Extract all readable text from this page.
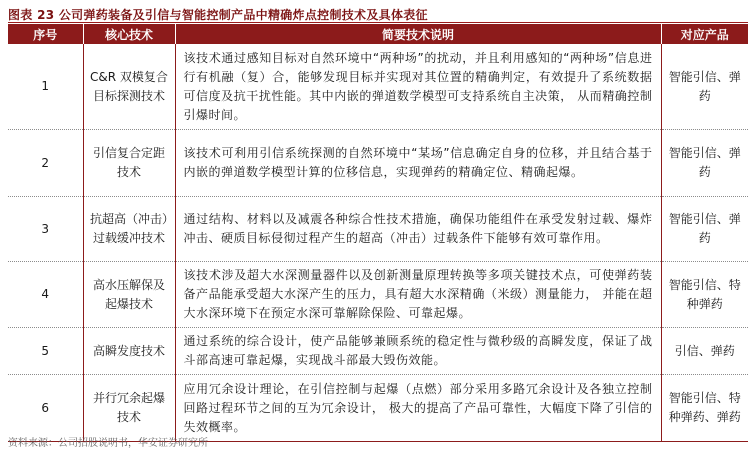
图表 23 公司弹药装备及引信与智能控制产品中精确炸点控制技术及具体表征
序号	核心技术	简要技术说明	对应产品
1	C&R 双模复合目标探测技术	该技术通过感知目标对自然环境中“两种场”的扰动，并且利用感知的“两种场”信息进行有机融（复）合，能够发现目标并实现对其位置的精确判定，有效提升了系统数据可信度及抗干扰性能。其中内嵌的弹道数学模型可支持系统自主决策， 从而精确控制引爆时间。	智能引信、弹药
2	引信复合定距技术	该技术可利用引信系统探测的自然环境中“某场”信息确定自身的位移，并且结合基于内嵌的弹道数学模型计算的位移信息，实现弹药的精确定位、精确起爆。	智能引信、弹药
3	抗超高（冲击）过载缓冲技术	通过结构、材料以及减震各种综合性技术措施，确保功能组件在承受发射过载、爆炸冲击、硬质目标侵彻过程产生的超高（冲击）过载条件下能够有效可靠作用。	智能引信、弹药
4	高水压解保及起爆技术	该技术涉及超大水深测量器件以及创新测量原理转换等多项关键技术点，可使弹药装备产品能承受超大水深产生的压力，具有超大水深精确（米级）测量能力， 并能在超大水深环境下在预定水深可靠解除保险、可靠起爆。	智能引信、特种弹药
5	高瞬发度技术	通过系统的综合设计，使产品能够兼顾系统的稳定性与微秒级的高瞬发度，保证了战斗部高速可靠起爆，实现战斗部最大毁伤效能。	引信、弹药
6	并行冗余起爆技术	应用冗余设计理论，在引信控制与起爆（点燃）部分采用多路冗余设计及各独立控制回路过程环节之间的互为冗余设计， 极大的提高了产品可靠性，大幅度下降了引信的失效概率。	智能引信、特种弹药、弹药
资料来源：公司招股说明书，华安证券研究所
